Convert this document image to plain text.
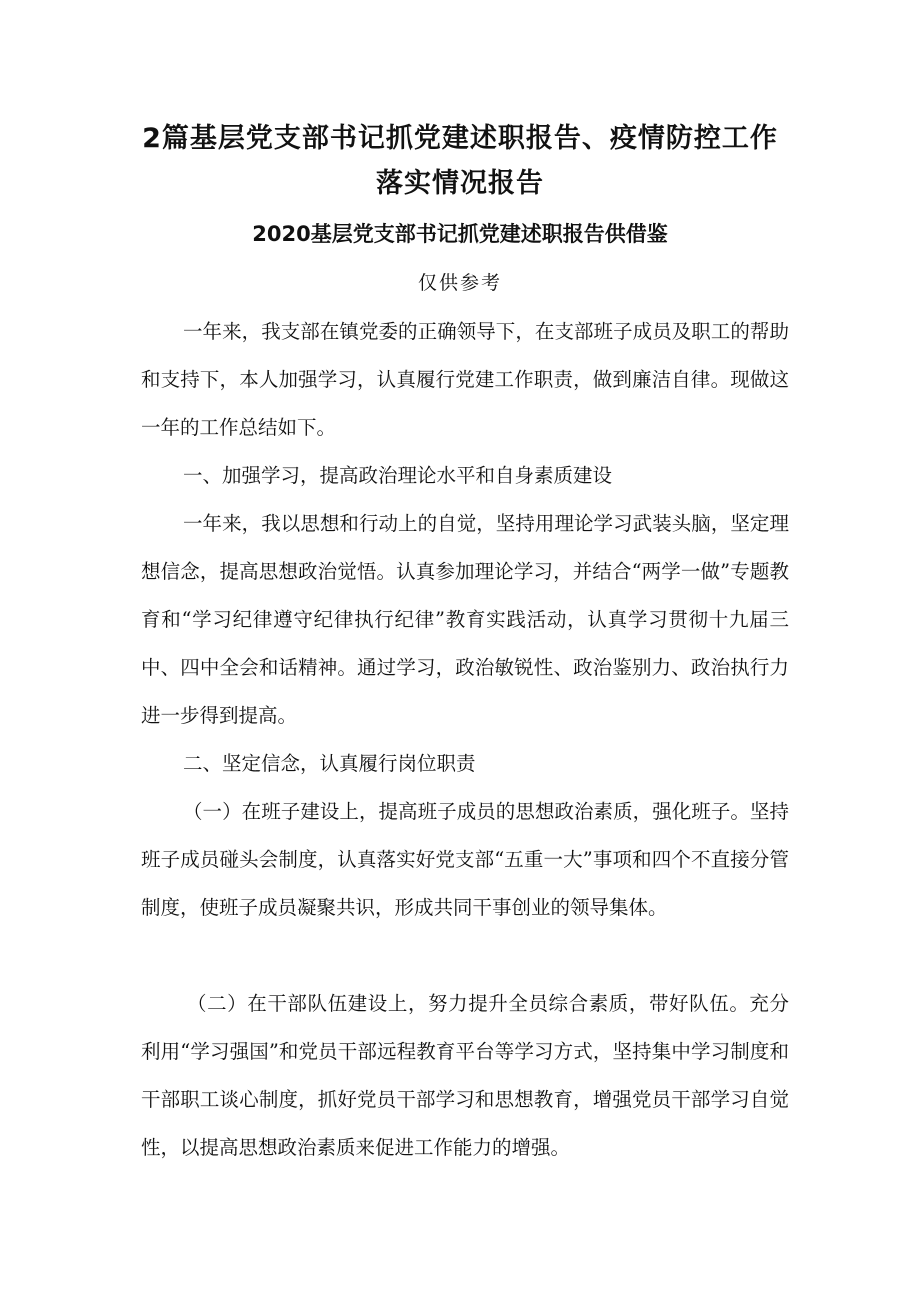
2篇基层党支部书记抓党建述职报告、疫情防控工作落实情况报告
2020基层党支部书记抓党建述职报告供借鉴
仅供参考

一年来，我支部在镇党委的正确领导下，在支部班子成员及职工的帮助和支持下，本人加强学习，认真履行党建工作职责，做到廉洁自律。现做这一年的工作总结如下。

一、加强学习，提高政治理论水平和自身素质建设

一年来，我以思想和行动上的自觉，坚持用理论学习武装头脑，坚定理想信念，提高思想政治觉悟。认真参加理论学习，并结合“两学一做”专题教育和“学习纪律遵守纪律执行纪律”教育实践活动，认真学习贯彻十九届三中、四中全会和话精神。通过学习，政治敏锐性、政治鉴别力、政治执行力进一步得到提高。

二、坚定信念，认真履行岗位职责

（一）在班子建设上，提高班子成员的思想政治素质，强化班子。坚持班子成员碰头会制度，认真落实好党支部“五重一大”事项和四个不直接分管制度，使班子成员凝聚共识，形成共同干事创业的领导集体。

（二）在干部队伍建设上，努力提升全员综合素质，带好队伍。充分利用“学习强国”和党员干部远程教育平台等学习方式，坚持集中学习制度和干部职工谈心制度，抓好党员干部学习和思想教育，增强党员干部学习自觉性，以提高思想政治素质来促进工作能力的增强。
